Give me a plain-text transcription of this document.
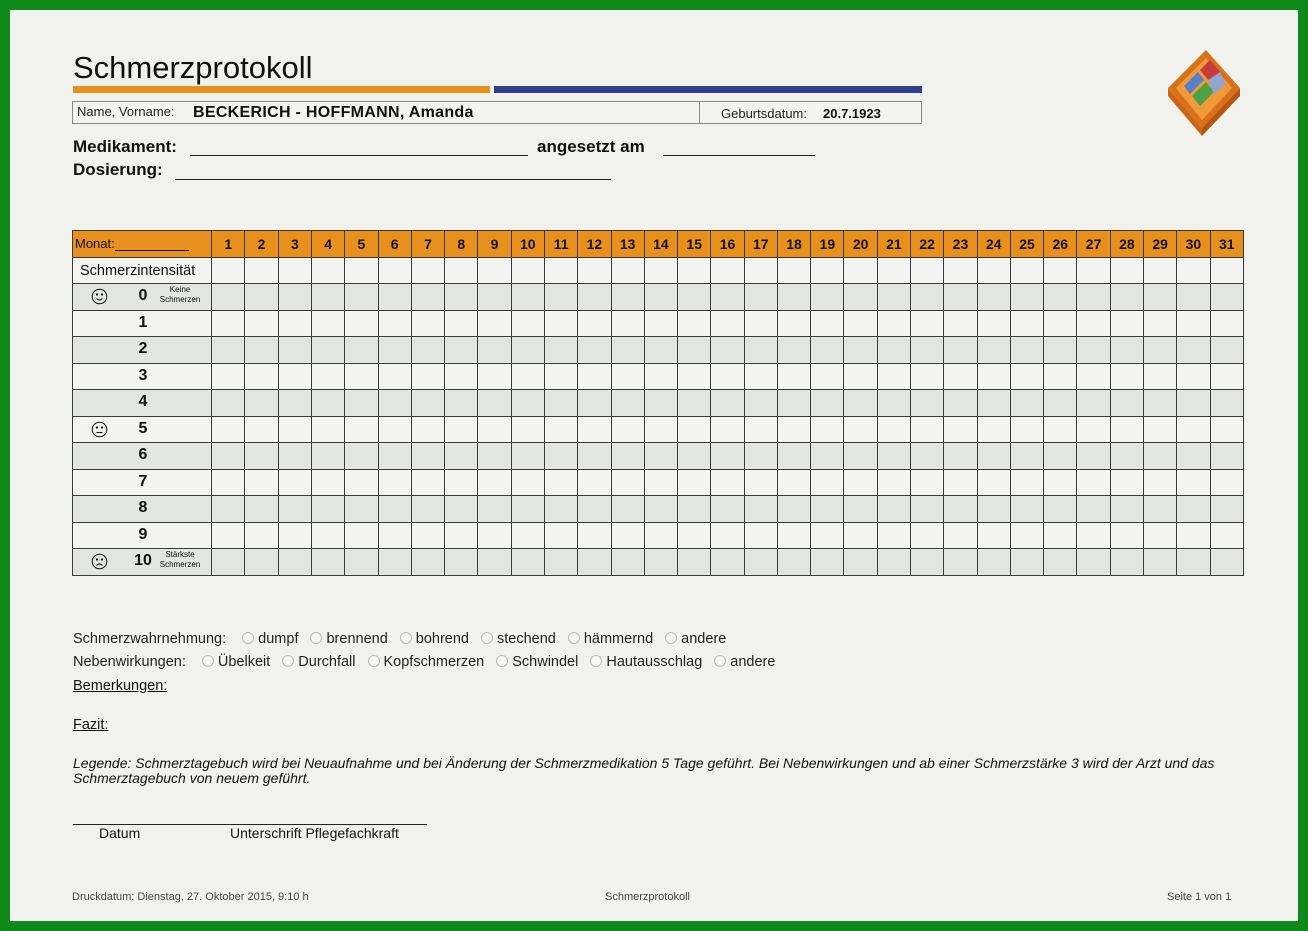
Schmerzprotokoll
Name, Vorname: BECKERICH - HOFFMANN, Amanda	Geburtsdatum: 20.7.1923
Medikament:	angesetzt am
Dosierung:
Monat:	1	2	3	4	5	6	7	8	9	10	11	12	13	14	15	16	17	18	19	20	21	22	23	24	25	26	27	28	29	30	31
Schmerzintensität																															

0 Keine
Schmerzen																															

1																															

2																															

3																															

4																															

5																															

6																															

7																															

8																															

9																															

10 Stärkste
Schmerzen																															

Schmerzwahrnehmung: dumpf brennend bohrend stechend hämmernd andere
Nebenwirkungen: Übelkeit Durchfall Kopfschmerzen Schwindel Hautausschlag andere
Bemerkungen:
Fazit:
Legende: Schmerztagebuch wird bei Neuaufnahme und bei Änderung der Schmerzmedikation 5 Tage geführt. Bei Nebenwirkungen und ab einer Schmerzstärke 3 wird der Arzt und das Schmerztagebuch von neuem geführt.
Datum	Unterschrift Pflegefachkraft
Druckdatum: Dienstag, 27. Oktober 2015, 9:10 h	Schmerzprotokoll	Seite 1 von 1
